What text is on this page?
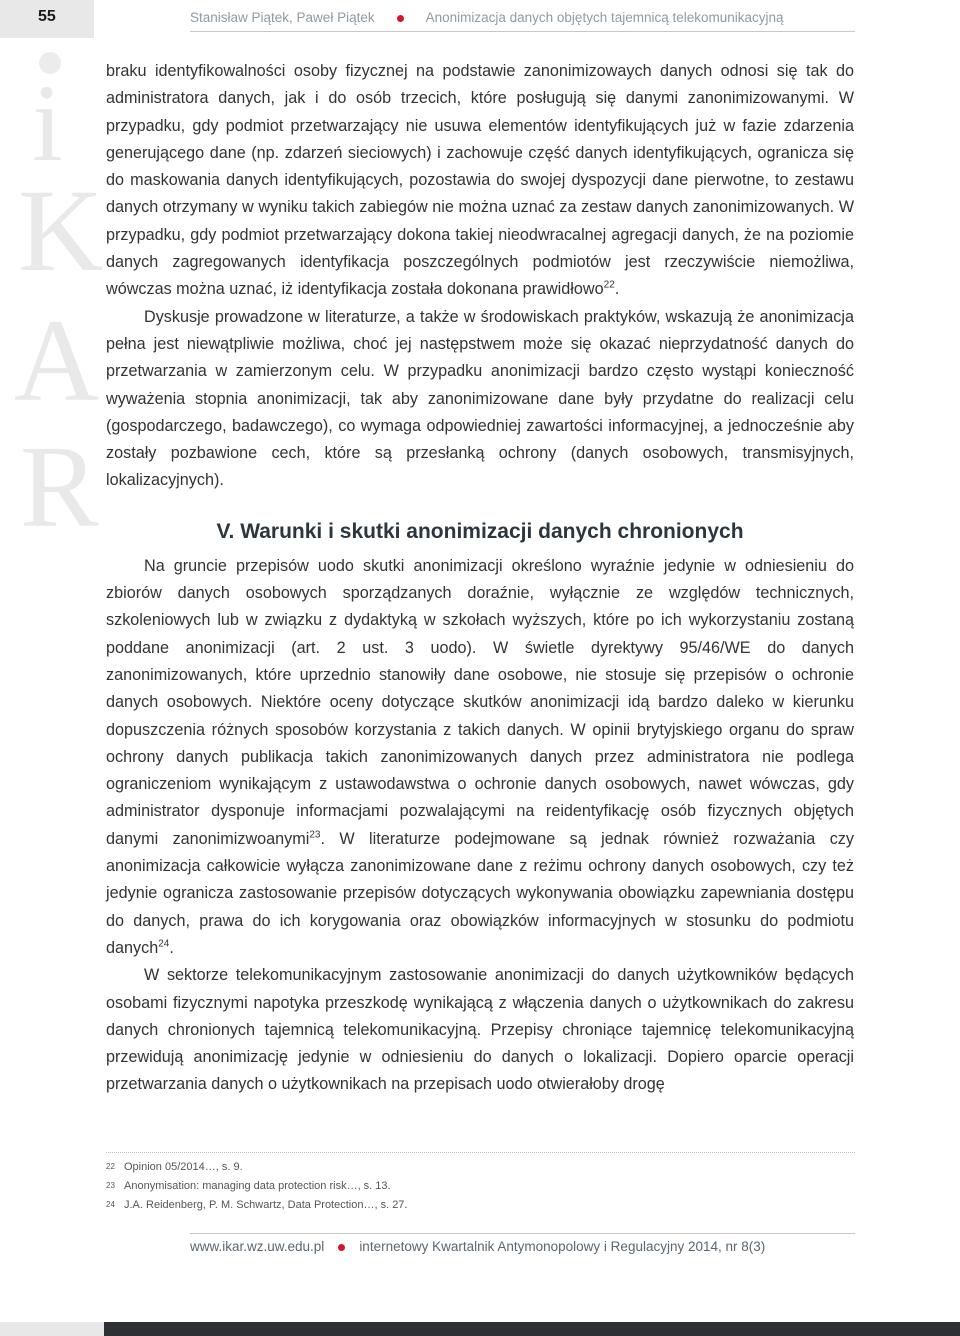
55	Stanisław Piątek, Paweł Piątek	Anonimizacja danych objętych tajemnicą telekomunikacyjną
i
K
A
R

braku identyfikowalności osoby fizycznej na podstawie zanonimizowaych danych odnosi się tak do administratora danych, jak i do osób trzecich, które posługują się danymi zanonimizowanymi. W przypadku, gdy podmiot przetwarzający nie usuwa elementów identyfikujących już w fazie zdarzenia generującego dane (np. zdarzeń sieciowych) i zachowuje część danych identyfikujących, ogranicza się do maskowania danych identyfikujących, pozostawia do swojej dyspozycji dane pierwotne, to zestawu danych otrzymany w wyniku takich zabiegów nie można uznać za zestaw danych zanonimizowanych. W przypadku, gdy podmiot przetwarzający dokona takiej nieodwracalnej agregacji danych, że na poziomie danych zagregowanych identyfikacja poszczególnych podmiotów jest rzeczywiście niemożliwa, wówczas można uznać, iż identyfikacja została dokonana prawidłowo$^{22}$.

Dyskusje prowadzone w literaturze, a także w środowiskach praktyków, wskazują że anonimizacja pełna jest niewątpliwie możliwa, choć jej następstwem może się okazać nieprzydatność danych do przetwarzania w zamierzonym celu. W przypadku anonimizacji bardzo często wystąpi konieczność wyważenia stopnia anonimizacji, tak aby zanonimizowane dane były przydatne do realizacji celu (gospodarczego, badawczego), co wymaga odpowiedniej zawartości informacyjnej, a jednocześnie aby zostały pozbawione cech, które są przesłanką ochrony (danych osobowych, transmisyjnych, lokalizacyjnych).

V. Warunki i skutki anonimizacji danych chronionych

Na gruncie przepisów uodo skutki anonimizacji określono wyraźnie jedynie w odniesieniu do zbiorów danych osobowych sporządzanych doraźnie, wyłącznie ze względów technicznych, szkoleniowych lub w związku z dydaktyką w szkołach wyższych, które po ich wykorzystaniu zostaną poddane anonimizacji (art. 2 ust. 3 uodo). W świetle dyrektywy 95/46/WE do danych zanonimizowanych, które uprzednio stanowiły dane osobowe, nie stosuje się przepisów o ochronie danych osobowych. Niektóre oceny dotyczące skutków anonimizacji idą bardzo daleko w kierunku dopuszczenia różnych sposobów korzystania z takich danych. W opinii brytyjskiego organu do spraw ochrony danych publikacja takich zanonimizowanych danych przez administratora nie podlega ograniczeniom wynikającym z ustawodawstwa o ochronie danych osobowych, nawet wówczas, gdy administrator dysponuje informacjami pozwalającymi na reidentyfikację osób fizycznych objętych danymi zanonimizwoanymi$^{23}$. W literaturze podejmowane są jednak również rozważania czy anonimizacja całkowicie wyłącza zanonimizowane dane z reżimu ochrony danych osobowych, czy też jedynie ogranicza zastosowanie przepisów dotyczących wykonywania obowiązku zapewniania dostępu do danych, prawa do ich korygowania oraz obowiązków informacyjnych w stosunku do podmiotu danych$^{24}$.

W sektorze telekomunikacyjnym zastosowanie anonimizacji do danych użytkowników będących osobami fizycznymi napotyka przeszkodę wynikającą z włączenia danych o użytkownikach do zakresu danych chronionych tajemnicą telekomunikacyjną. Przepisy chroniące tajemnicę telekomunikacyjną przewidują anonimizację jedynie w odniesieniu do danych o lokalizacji. Dopiero oparcie operacji przetwarzania danych o użytkownikach na przepisach uodo otwierałoby drogę

22 Opinion 05/2014…, s. 9.
23 Anonymisation: managing data protection risk…, s. 13.
24 J.A. Reidenberg, P. M. Schwartz, Data Protection…, s. 27.
www.ikar.wz.uw.edu.pl	internetowy Kwartalnik Antymonopolowy i Regulacyjny 2014, nr 8(3)
